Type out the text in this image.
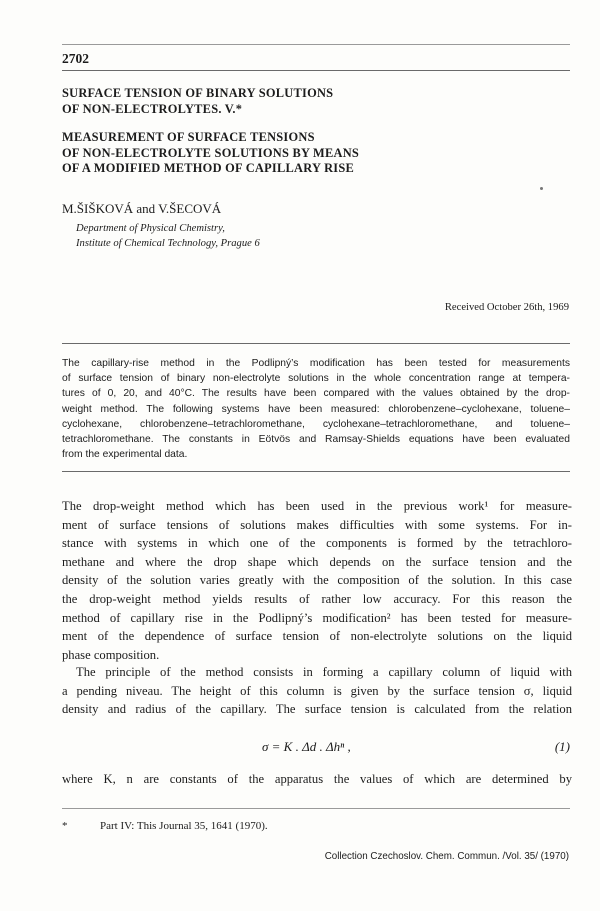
2702
SURFACE TENSION OF BINARY SOLUTIONS
OF NON-ELECTROLYTES. V.*
MEASUREMENT OF SURFACE TENSIONS
OF NON-ELECTROLYTE SOLUTIONS BY MEANS
OF A MODIFIED METHOD OF CAPILLARY RISE
M.ŠIŠKOVÁ and V.ŠECOVÁ
Department of Physical Chemistry,
Institute of Chemical Technology, Prague 6
Received October 26th, 1969
The capillary-rise method in the Podlipný’s modification has been tested for measurements
of surface tension of binary non-electrolyte solutions in the whole concentration range at tempera-
tures of 0, 20, and 40°C. The results have been compared with the values obtained by the drop-
weight method. The following systems have been measured: chlorobenzene–cyclohexane, toluene–
cyclohexane, chlorobenzene–tetrachloromethane, cyclohexane–tetrachloromethane, and toluene–
tetrachloromethane. The constants in Eötvös and Ramsay-Shields equations have been evaluated
from the experimental data.
The drop-weight method which has been used in the previous work¹ for measure-
ment of surface tensions of solutions makes difficulties with some systems. For in-
stance with systems in which one of the components is formed by the tetrachloro-
methane and where the drop shape which depends on the surface tension and the
density of the solution varies greatly with the composition of the solution. In this case
the drop-weight method yields results of rather low accuracy. For this reason the
method of capillary rise in the Podlipný’s modification² has been tested for measure-
ment of the dependence of surface tension of non-electrolyte solutions on the liquid
phase composition.
The principle of the method consists in forming a capillary column of liquid with
a pending niveau. The height of this column is given by the surface tension σ, liquid
density and radius of the capillary. The surface tension is calculated from the relation
σ = K . Δd . Δhⁿ ,	(1)
where K, n are constants of the apparatus the values of which are determined by
*	Part IV: This Journal 35, 1641 (1970).
Collection Czechoslov. Chem. Commun. /Vol. 35/ (1970)
